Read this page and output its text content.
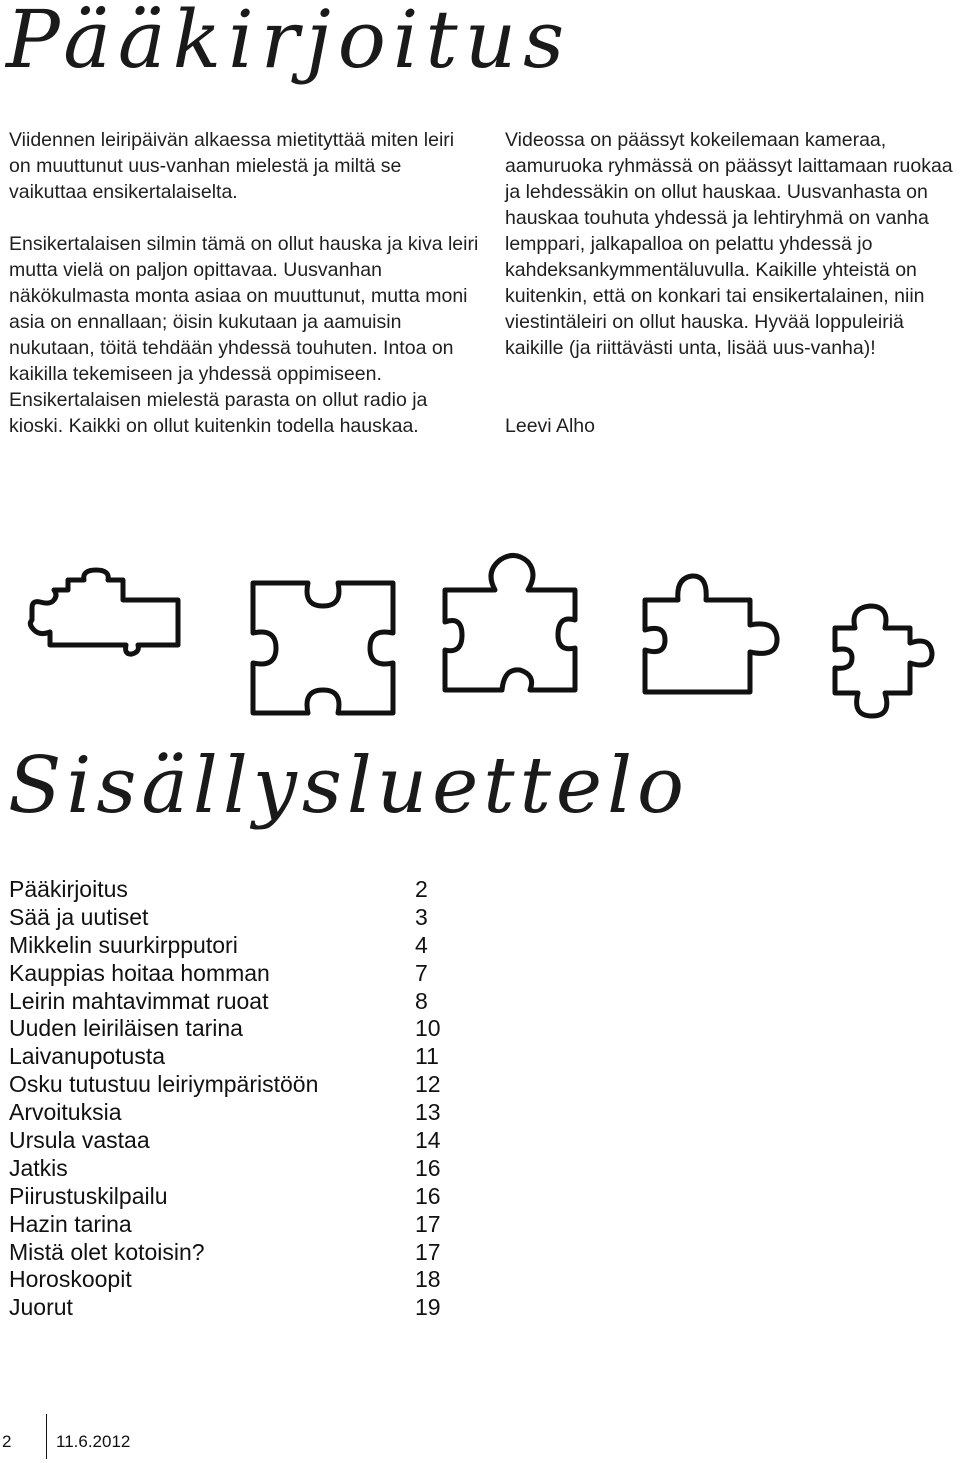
Pääkirjoitus

Viidennen leiripäivän alkaessa mietityttää miten leiri on muuttunut uus-vanhan mielestä ja miltä se vaikuttaa ensikertalaiselta.

Ensikertalaisen silmin tämä on ollut hauska ja kiva leiri mutta vielä on paljon opittavaa. Uusvanhan näkökulmasta monta asiaa on muuttunut, mutta moni asia on ennallaan; öisin kukutaan ja aamuisin nukutaan, töitä tehdään yhdessä touhuten. Intoa on kaikilla tekemiseen ja yhdessä oppimiseen. Ensikertalaisen mielestä parasta on ollut radio ja kioski. Kaikki on ollut kuitenkin todella hauskaa.

Videossa on päässyt kokeilemaan kameraa, aamuruoka ryhmässä on päässyt laittamaan ruokaa ja lehdessäkin on ollut hauskaa. Uusvanhasta on hauskaa touhuta yhdessä ja lehtiryhmä on vanha lemppari, jalkapalloa on pelattu yhdessä jo kahdeksankymmentäluvulla. Kaikille yhteistä on kuitenkin, että on konkari tai ensikertalainen, niin viestintäleiri on ollut hauska. Hyvää loppuleiriä kaikille (ja riittävästi unta, lisää uus-vanha)!

Leevi Alho

Sisällysluettelo
Pääkirjoitus	2
Sää ja uutiset	3
Mikkelin suurkirpputori	4
Kauppias hoitaa homman	7
Leirin mahtavimmat ruoat	8
Uuden leiriläisen tarina	10
Laivanupotusta	11
Osku tutustuu leiriympäristöön	12
Arvoituksia	13
Ursula vastaa	14
Jatkis	16
Piirustuskilpailu	16
Hazin tarina	17
Mistä olet kotoisin?	17
Horoskoopit	18
Juorut	19
2	11.6.2012
